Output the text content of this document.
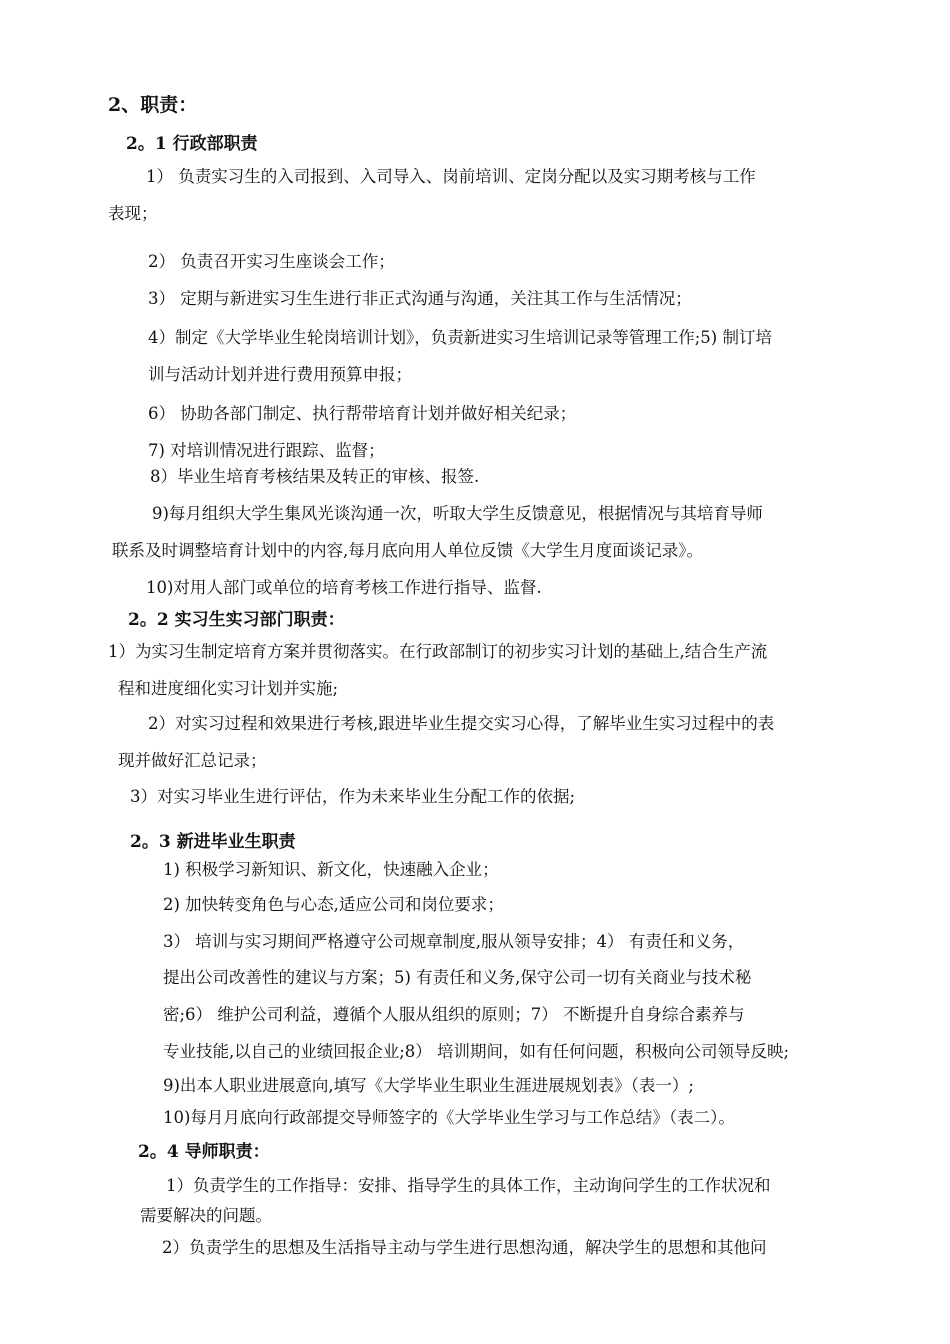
2、职责：
2。1 行政部职责
1） 负责实习生的入司报到、入司导入、岗前培训、定岗分配以及实习期考核与工作
表现；
2） 负责召开实习生座谈会工作；
3） 定期与新进实习生生进行非正式沟通与沟通，关注其工作与生活情况；
4）制定《大学毕业生轮岗培训计划》，负责新进实习生培训记录等管理工作;5) 制订培
训与活动计划并进行费用预算申报；
6） 协助各部门制定、执行帮带培育计划并做好相关纪录；
7) 对培训情况进行跟踪、监督；
8）毕业生培育考核结果及转正的审核、报签.
9)每月组织大学生集风光谈沟通一次，听取大学生反馈意见，根据情况与其培育导师
联系及时调整培育计划中的内容,每月底向用人单位反馈《大学生月度面谈记录》。
10)对用人部门或单位的培育考核工作进行指导、监督.
2。2 实习生实习部门职责：
1）为实习生制定培育方案并贯彻落实。在行政部制订的初步实习计划的基础上,结合生产流
程和进度细化实习计划并实施;
2）对实习过程和效果进行考核,跟进毕业生提交实习心得，了解毕业生实习过程中的表
现并做好汇总记录；
3）对实习毕业生进行评估，作为未来毕业生分配工作的依据;
2。3 新进毕业生职责
1) 积极学习新知识、新文化，快速融入企业；
2) 加快转变角色与心态,适应公司和岗位要求；
3） 培训与实习期间严格遵守公司规章制度,服从领导安排；4） 有责任和义务，
提出公司改善性的建议与方案；5) 有责任和义务,保守公司一切有关商业与技术秘
密;6） 维护公司利益，遵循个人服从组织的原则；7） 不断提升自身综合素养与
专业技能,以自己的业绩回报企业;8） 培训期间，如有任何问题，积极向公司领导反映;
9)出本人职业进展意向,填写《大学毕业生职业生涯进展规划表》（表一）;
10)每月月底向行政部提交导师签字的《大学毕业生学习与工作总结》（表二）。
2。4 导师职责：
1）负责学生的工作指导：安排、指导学生的具体工作，主动询问学生的工作状况和
需要解决的问题。
2）负责学生的思想及生活指导主动与学生进行思想沟通，解决学生的思想和其他问
